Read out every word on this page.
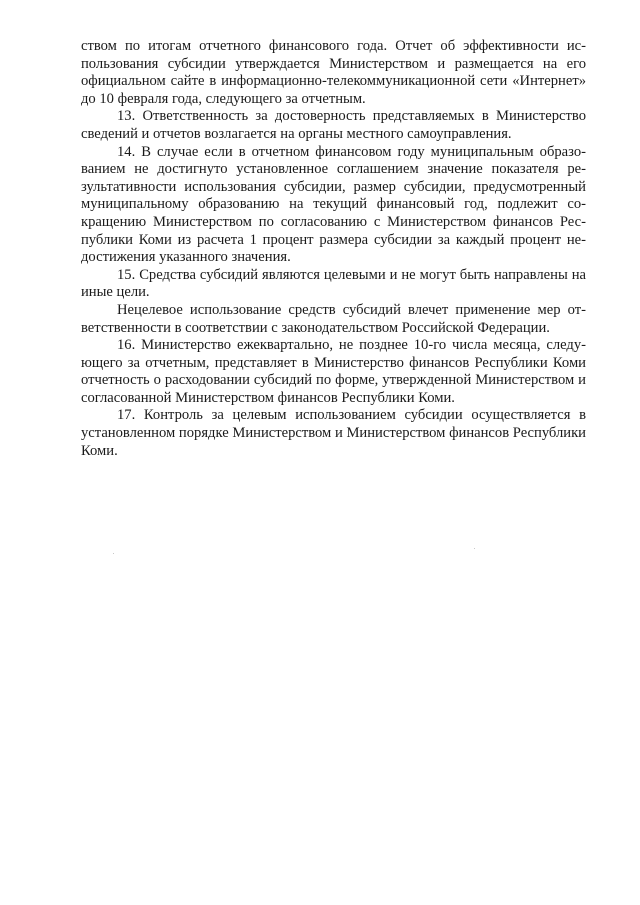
ством по итогам отчетного финансового года. Отчет об эффективности использования субсидии утверждается Министерством и размещается на его официальном сайте в информационно-телекоммуникационной сети «Интернет» до 10 февраля года, следующего за отчетным.

13. Ответственность за достоверность представляемых в Министерство сведений и отчетов возлагается на органы местного самоуправления.

14. В случае если в отчетном финансовом году муниципальным образованием не достигнуто установленное соглашением значение показателя результативности использования субсидии, размер субсидии, предусмотренный муниципальному образованию на текущий финансовый год, подлежит сокращению Министерством по согласованию с Министерством финансов Республики Коми из расчета 1 процент размера субсидии за каждый процент недостижения указанного значения.

15. Средства субсидий являются целевыми и не могут быть направлены на иные цели.

Нецелевое использование средств субсидий влечет применение мер ответственности в соответствии с законодательством Российской Федерации.

16. Министерство ежеквартально, не позднее 10-го числа месяца, следующего за отчетным, представляет в Министерство финансов Республики Коми отчетность о расходовании субсидий по форме, утвержденной Министерством и согласованной Министерством финансов Республики Коми.

17. Контроль за целевым использованием субсидии осуществляется в установленном порядке Министерством и Министерством финансов Республики Коми.
